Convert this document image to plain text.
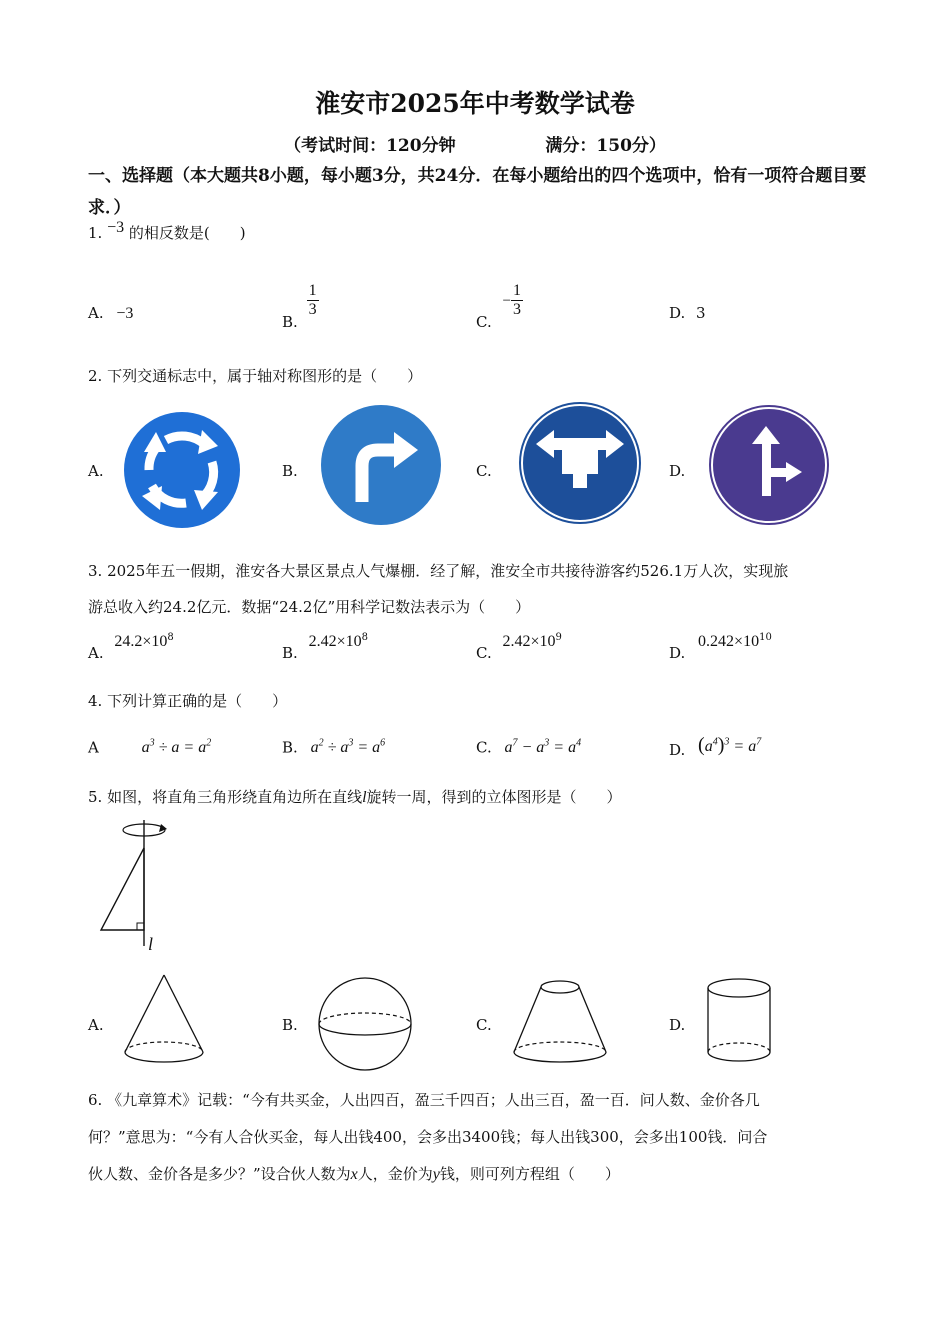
淮安市2025年中考数学试卷
（考试时间：120分钟	满分：150分）
一、选择题（本大题共8小题，每小题3分，共24分．在每小题给出的四个选项中，恰有一项符合题目要求．）
1. −3 的相反数是(　　)
A. −3	B.
$\frac{1}{3}$
C. − $\frac{1}{3}$	D. 3
2. 下列交通标志中，属于轴对称图形的是（　　）
A.	B.	C.	D.
3. 2025年五一假期，淮安各大景区景点人气爆棚．经了解，淮安全市共接待游客约526.1万人次，实现旅
游总收入约24.2亿元．数据“24.2亿”用科学记数法表示为（　　）
A. $24.2\times 10^8$
B. $2.42\times 10^8$
C. $2.42\times 10^9$
D. $0.242\times 10^{10}$
4. 下列计算正确的是（　　）
A	$a^3 \div a = a^2$	B. $a^2 \div a^3 = a^6$	C. $a^7 - a^3 = a^4$	D. $(a^4)^3 = a^7$
5. 如图，将直角三角形绕直角边所在直线l旋转一周，得到的立体图形是（　　）
l
A.	B.	C.	D.
6. 《九章算术》记载：“今有共买金，人出四百，盈三千四百；人出三百，盈一百．问人数、金价各几
何？”意思为：“今有人合伙买金，每人出钱400，会多出3400钱；每人出钱300，会多出100钱．问合
伙人数、金价各是多少？”设合伙人数为x人，金价为y钱，则可列方程组（　　）
